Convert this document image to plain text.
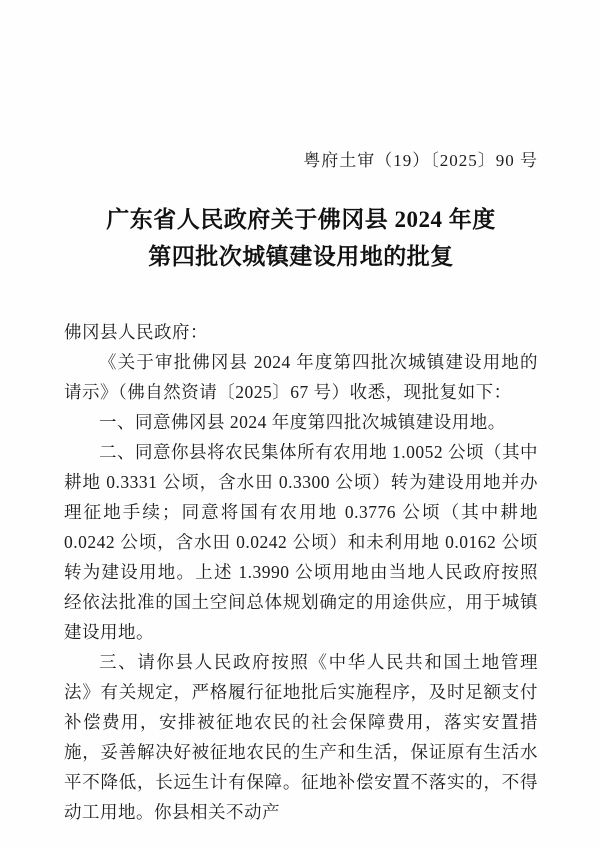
粤府土审（19）〔2025〕90 号
广东省人民政府关于佛冈县 2024 年度
第四批次城镇建设用地的批复
佛冈县人民政府：

《关于审批佛冈县 2024 年度第四批次城镇建设用地的请示》（佛自然资请〔2025〕67 号）收悉，现批复如下：

一、同意佛冈县 2024 年度第四批次城镇建设用地。

二、同意你县将农民集体所有农用地 1.0052 公顷（其中耕地 0.3331 公顷，含水田 0.3300 公顷）转为建设用地并办理征地手续；同意将国有农用地 0.3776 公顷（其中耕地 0.0242 公顷，含水田 0.0242 公顷）和未利用地 0.0162 公顷转为建设用地。上述 1.3990 公顷用地由当地人民政府按照经依法批准的国土空间总体规划确定的用途供应，用于城镇建设用地。

三、请你县人民政府按照《中华人民共和国土地管理法》有关规定，严格履行征地批后实施程序，及时足额支付补偿费用，安排被征地农民的社会保障费用，落实安置措施，妥善解决好被征地农民的生产和生活，保证原有生活水平不降低，长远生计有保障。征地补偿安置不落实的，不得动工用地。你县相关不动产
